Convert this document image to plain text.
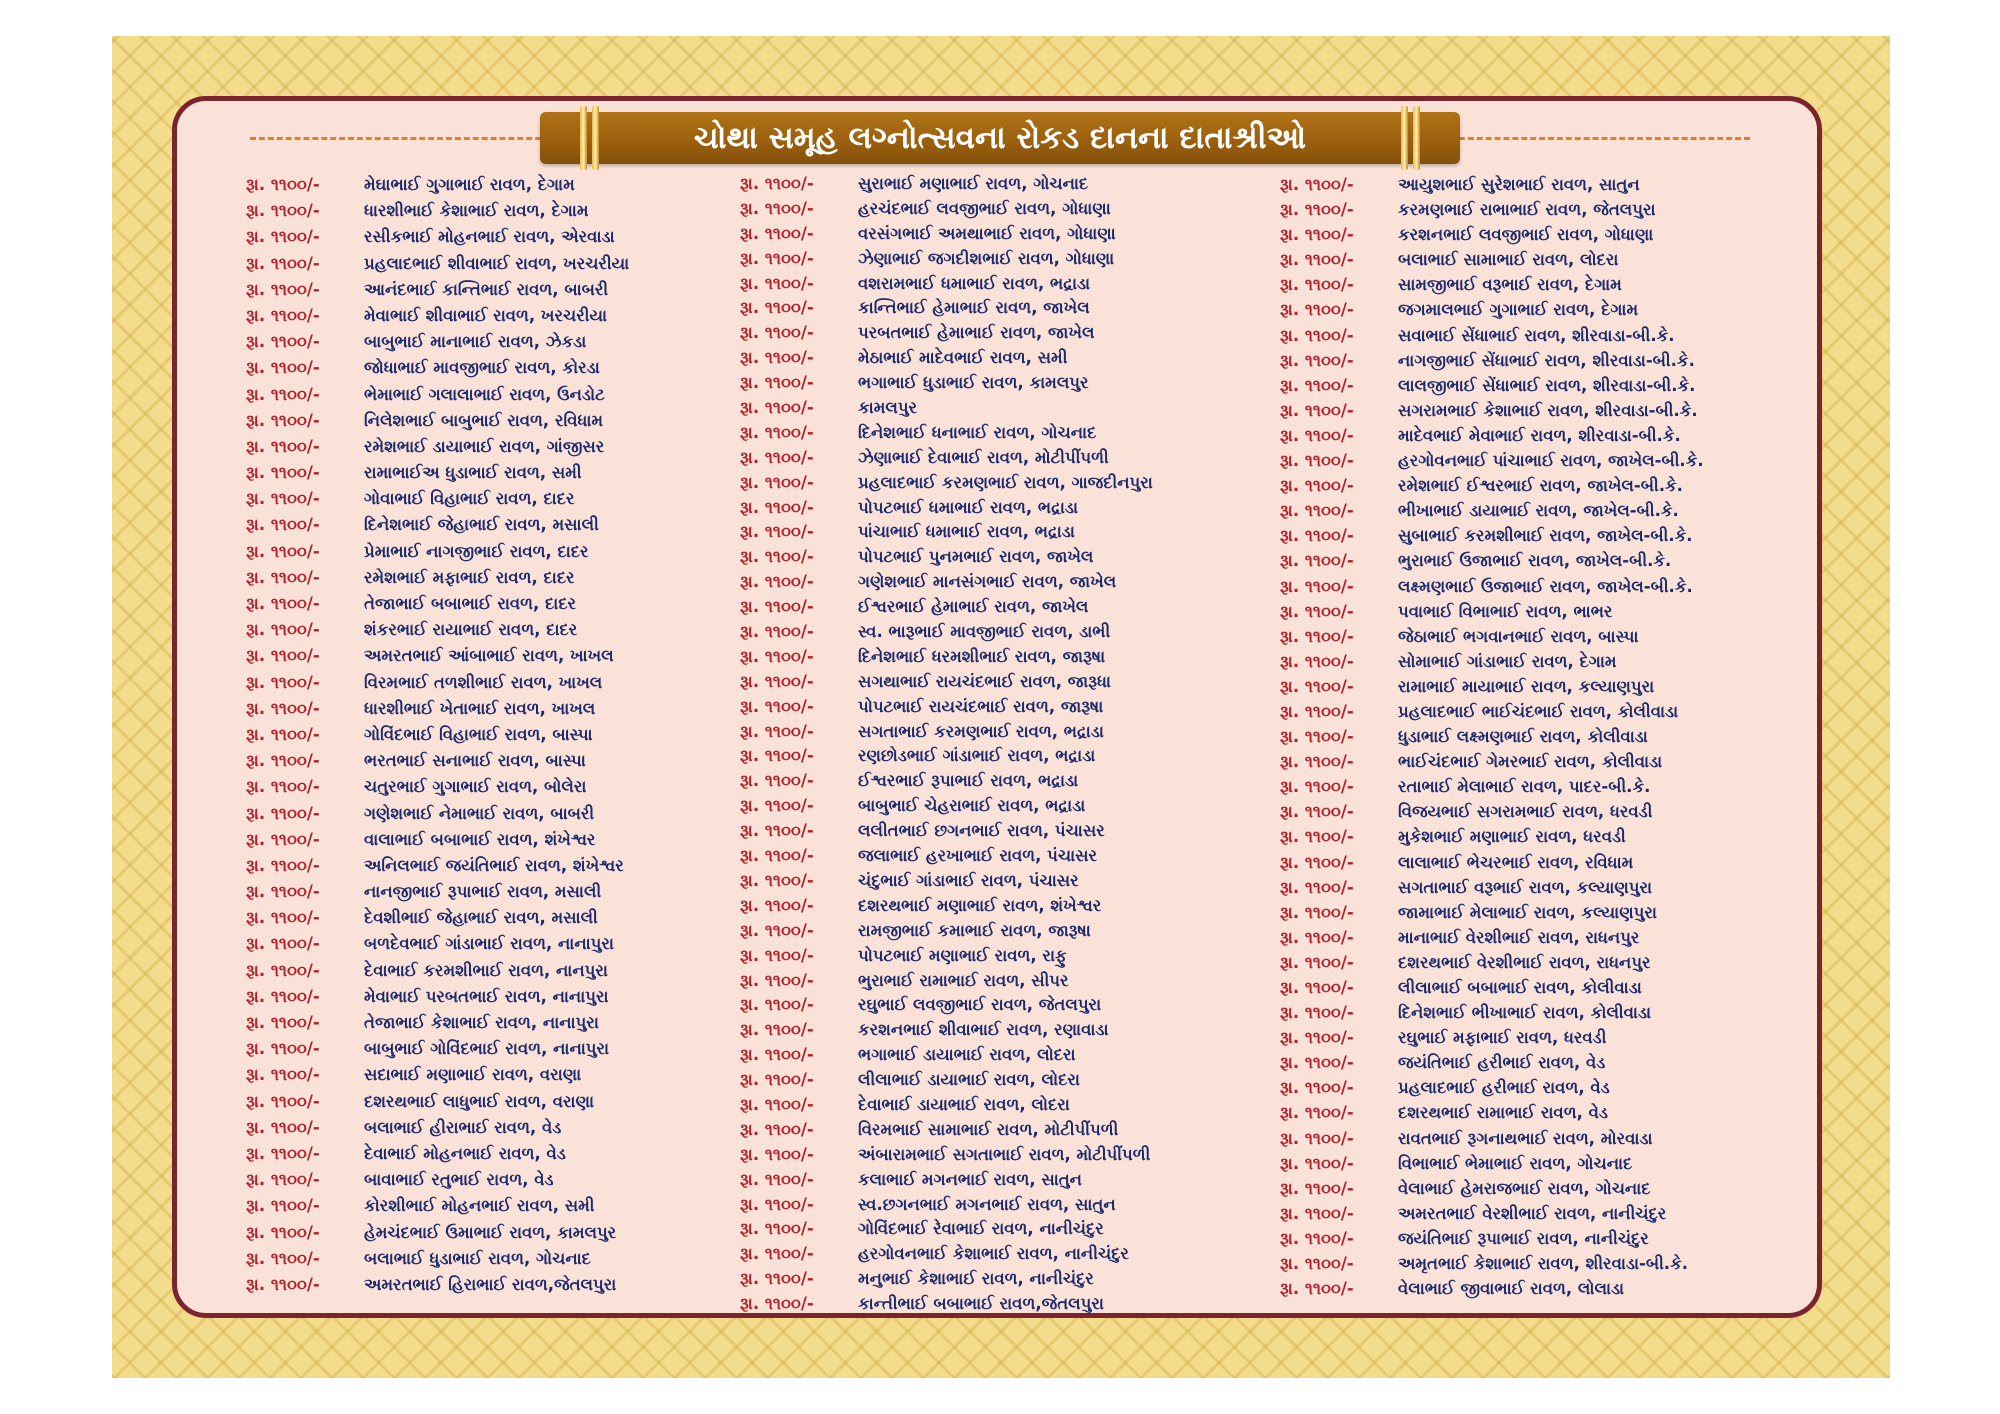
ચોથા સમૂહ લગ્નોત્સવના રોકડ દાનના દાતાશ્રીઓ
રૂા. ૧૧૦૦/-	મેઘાભાઈ ગુગાભાઈ રાવળ, દેગામ
રૂા. ૧૧૦૦/-	ધારશીભાઈ કેશાભાઈ રાવળ, દેગામ
રૂા. ૧૧૦૦/-	રસીકભાઈ મોહનભાઈ રાવળ, એરવાડા
રૂા. ૧૧૦૦/-	પ્રહલાદભાઈ શીવાભાઈ રાવળ, ખરચરીયા
રૂા. ૧૧૦૦/-	આનંદભાઈ કાન્તિભાઈ રાવળ, બાબરી
રૂા. ૧૧૦૦/-	મેવાભાઈ શીવાભાઈ રાવળ, ખરચરીયા
રૂા. ૧૧૦૦/-	બાબુભાઈ માનાભાઈ રાવળ, ઝેકડા
રૂા. ૧૧૦૦/-	જોધાભાઈ માવજીભાઈ રાવળ, કોરડા
રૂા. ૧૧૦૦/-	ભેમાભાઈ ગલાલાભાઈ રાવળ, ઉનડોટ
રૂા. ૧૧૦૦/-	નિલેશભાઈ બાબુભાઈ રાવળ, રવિધામ
રૂા. ૧૧૦૦/-	રમેશભાઈ ડાયાભાઈ રાવળ, ગાંજીસર
રૂા. ૧૧૦૦/-	રામાભાઈઅ ધુડાભાઈ રાવળ, સમી
રૂા. ૧૧૦૦/-	ગોવાભાઈ વિહાભાઈ રાવળ, દાદર
રૂા. ૧૧૦૦/-	દિનેશભાઈ જેહાભાઈ રાવળ, મસાલી
રૂા. ૧૧૦૦/-	પ્રેમાભાઈ નાગજીભાઈ રાવળ, દાદર
રૂા. ૧૧૦૦/-	રમેશભાઈ મફાભાઈ રાવળ, દાદર
રૂા. ૧૧૦૦/-	તેજાભાઈ બબાભાઈ રાવળ, દાદર
રૂા. ૧૧૦૦/-	શંકરભાઈ રાયાભાઈ રાવળ, દાદર
રૂા. ૧૧૦૦/-	અમરતભાઈ આંબાભાઈ રાવળ, ખાખલ
રૂા. ૧૧૦૦/-	વિરમભાઈ તળશીભાઈ રાવળ, ખાખલ
રૂા. ૧૧૦૦/-	ધારશીભાઈ ખેતાભાઈ રાવળ, ખાખલ
રૂા. ૧૧૦૦/-	ગોવિંદભાઈ વિહાભાઈ રાવળ, બાસ્પા
રૂા. ૧૧૦૦/-	ભરતભાઈ સનાભાઈ રાવળ, બાસ્પા
રૂા. ૧૧૦૦/-	ચતુરભાઈ ગુગાભાઈ રાવળ, બોલેરા
રૂા. ૧૧૦૦/-	ગણેશભાઈ નેમાભાઈ રાવળ, બાબરી
રૂા. ૧૧૦૦/-	વાલાભાઈ બબાભાઈ રાવળ, શંખેશ્વર
રૂા. ૧૧૦૦/-	અનિલભાઈ જયંતિભાઈ રાવળ, શંખેશ્વર
રૂા. ૧૧૦૦/-	નાનજીભાઈ રૂપાભાઈ રાવળ, મસાલી
રૂા. ૧૧૦૦/-	દેવશીભાઈ જેહાભાઈ રાવળ, મસાલી
રૂા. ૧૧૦૦/-	બળદેવભાઈ ગાંડાભાઈ રાવળ, નાનાપુરા
રૂા. ૧૧૦૦/-	દેવાભાઈ કરમશીભાઈ રાવળ, નાનપુરા
રૂા. ૧૧૦૦/-	મેવાભાઈ પરબતભાઈ રાવળ, નાનાપુરા
રૂા. ૧૧૦૦/-	તેજાભાઈ કેશાભાઈ રાવળ, નાનાપુરા
રૂા. ૧૧૦૦/-	બાબુભાઈ ગોવિંદભાઈ રાવળ, નાનાપુરા
રૂા. ૧૧૦૦/-	સદાભાઈ મણાભાઈ રાવળ, વરાણા
રૂા. ૧૧૦૦/-	દશરથભાઈ લાધુભાઈ રાવળ, વરાણા
રૂા. ૧૧૦૦/-	બલાભાઈ હીરાભાઈ રાવળ, વેડ
રૂા. ૧૧૦૦/-	દેવાભાઈ મોહનભાઈ રાવળ, વેડ
રૂા. ૧૧૦૦/-	બાવાભાઈ રતુભાઈ રાવળ, વેડ
રૂા. ૧૧૦૦/-	કોરશીભાઈ મોહનભાઈ રાવળ, સમી
રૂા. ૧૧૦૦/-	હેમચંદભાઈ ઉમાભાઈ રાવળ, કામલપુર
રૂા. ૧૧૦૦/-	બલાભાઈ ધુડાભાઈ રાવળ, ગોચનાદ
રૂા. ૧૧૦૦/-	અમરતભાઈ હિરાભાઈ રાવળ,જેતલપુરા
રૂા. ૧૧૦૦/-	સુરાભાઈ મણાભાઈ રાવળ, ગોચનાદ
રૂા. ૧૧૦૦/-	હરચંદભાઈ લવજીભાઈ રાવળ, ગોધાણા
રૂા. ૧૧૦૦/-	વરસંગભાઈ અમથાભાઈ રાવળ, ગોધાણા
રૂા. ૧૧૦૦/-	ઝેણાભાઈ જગદીશભાઈ રાવળ, ગોધાણા
રૂા. ૧૧૦૦/-	વશરામભાઈ ધમાભાઈ રાવળ, ભદ્રાડા
રૂા. ૧૧૦૦/-	કાન્તિભાઈ હેમાભાઈ રાવળ, જાખેલ
રૂા. ૧૧૦૦/-	પરબતભાઈ હેમાભાઈ રાવળ, જાખેલ
રૂા. ૧૧૦૦/-	મેઠાભાઈ માદેવભાઈ રાવળ, સમી
રૂા. ૧૧૦૦/-	ભગાભાઈ ધુડાભાઈ રાવળ, કામલપુર
રૂા. ૧૧૦૦/-	કામલપુર
રૂા. ૧૧૦૦/-	દિનેશભાઈ ધનાભાઈ રાવળ, ગોચનાદ
રૂા. ૧૧૦૦/-	ઝેણાભાઈ દેવાભાઈ રાવળ, મોટીપીંપળી
રૂા. ૧૧૦૦/-	પ્રહલાદભાઈ કરમણભાઈ રાવળ, ગાજદીનપુરા
રૂા. ૧૧૦૦/-	પોપટભાઈ ધમાભાઈ રાવળ, ભદ્રાડા
રૂા. ૧૧૦૦/-	પાંચાભાઈ ધમાભાઈ રાવળ, ભદ્રાડા
રૂા. ૧૧૦૦/-	પોપટભાઈ પુનમભાઈ રાવળ, જાખેલ
રૂા. ૧૧૦૦/-	ગણેશભાઈ માનસંગભાઈ રાવળ, જાખેલ
રૂા. ૧૧૦૦/-	ઈશ્વરભાઈ હેમાભાઈ રાવળ, જાખેલ
રૂા. ૧૧૦૦/-	સ્વ. ભારૂભાઈ માવજીભાઈ રાવળ, ડાભી
રૂા. ૧૧૦૦/-	દિનેશભાઈ ધરમશીભાઈ રાવળ, જારૂષા
રૂા. ૧૧૦૦/-	સગથાભાઈ રાયચંદભાઈ રાવળ, જારૂધા
રૂા. ૧૧૦૦/-	પોપટભાઈ રાયચંદભાઈ રાવળ, જારૂષા
રૂા. ૧૧૦૦/-	સગતાભાઈ કરમણભાઈ રાવળ, ભદ્રાડા
રૂા. ૧૧૦૦/-	રણછોડભાઈ ગાંડાભાઈ રાવળ, ભદ્રાડા
રૂા. ૧૧૦૦/-	ઈશ્વરભાઈ રૂપાભાઈ રાવળ, ભદ્રાડા
રૂા. ૧૧૦૦/-	બાબુભાઈ ચેહરાભાઈ રાવળ, ભદ્રાડા
રૂા. ૧૧૦૦/-	લલીતભાઈ છગનભાઈ રાવળ, પંચાસર
રૂા. ૧૧૦૦/-	જલાભાઈ હરખાભાઈ રાવળ, પંચાસર
રૂા. ૧૧૦૦/-	ચંદુભાઈ ગાંડાભાઈ રાવળ, પંચાસર
રૂા. ૧૧૦૦/-	દશરથભાઈ મણાભાઈ રાવળ, શંખેશ્વર
રૂા. ૧૧૦૦/-	રામજીભાઈ કમાભાઈ રાવળ, જારૂષા
રૂા. ૧૧૦૦/-	પોપટભાઈ મણાભાઈ રાવળ, રાફુ
રૂા. ૧૧૦૦/-	ભુરાભાઈ રામાભાઈ રાવળ, સીપર
રૂા. ૧૧૦૦/-	રઘુભાઈ લવજીભાઈ રાવળ, જેતલપુરા
રૂા. ૧૧૦૦/-	કરશનભાઈ શીવાભાઈ રાવળ, રણાવાડા
રૂા. ૧૧૦૦/-	ભગાભાઈ ડાયાભાઈ રાવળ, લોદરા
રૂા. ૧૧૦૦/-	લીલાભાઈ ડાયાભાઈ રાવળ, લોદરા
રૂા. ૧૧૦૦/-	દેવાભાઈ ડાયાભાઈ રાવળ, લોદરા
રૂા. ૧૧૦૦/-	વિરમભાઈ સામાભાઈ રાવળ, મોટીપીંપળી
રૂા. ૧૧૦૦/-	અંબારામભાઈ સગતાભાઈ રાવળ, મોટીપીંપળી
રૂા. ૧૧૦૦/-	કલાભાઈ મગનભાઈ રાવળ, સાતુન
રૂા. ૧૧૦૦/-	સ્વ.છગનભાઈ મગનભાઈ રાવળ, સાતુન
રૂા. ૧૧૦૦/-	ગોવિંદભાઈ રેવાભાઈ રાવળ, નાનીચંદુર
રૂા. ૧૧૦૦/-	હરગોવનભાઈ કેશાભાઈ રાવળ, નાનીચંદુર
રૂા. ૧૧૦૦/-	મનુભાઈ કેશાભાઈ રાવળ, નાનીચંદુર
રૂા. ૧૧૦૦/-	કાન્તીભાઈ બબાભાઈ રાવળ,જેતલપુરા
રૂા. ૧૧૦૦/-	આયુશભાઈ સુરેશભાઈ રાવળ, સાતુન
રૂા. ૧૧૦૦/-	કરમણભાઈ રાભાભાઈ રાવળ, જેતલપુરા
રૂા. ૧૧૦૦/-	કરશનભાઈ લવજીભાઈ રાવળ, ગોધાણા
રૂા. ૧૧૦૦/-	બલાભાઈ સામાભાઈ રાવળ, લોદરા
રૂા. ૧૧૦૦/-	સામજીભાઈ વરૂભાઈ રાવળ, દેગામ
રૂા. ૧૧૦૦/-	જગમાલભાઈ ગુગાભાઈ રાવળ, દેગામ
રૂા. ૧૧૦૦/-	સવાભાઈ સેંધાભાઈ રાવળ, શીરવાડા-બી.કે.
રૂા. ૧૧૦૦/-	નાગજીભાઈ સેંધાભાઈ રાવળ, શીરવાડા-બી.કે.
રૂા. ૧૧૦૦/-	લાલજીભાઈ સેંધાભાઈ રાવળ, શીરવાડા-બી.કે.
રૂા. ૧૧૦૦/-	સગરામભાઈ કેશાભાઈ રાવળ, શીરવાડા-બી.કે.
રૂા. ૧૧૦૦/-	માદેવભાઈ મેવાભાઈ રાવળ, શીરવાડા-બી.કે.
રૂા. ૧૧૦૦/-	હરગોવનભાઈ પાંચાભાઈ રાવળ, જાખેલ-બી.કે.
રૂા. ૧૧૦૦/-	રમેશભાઈ ઈશ્વરભાઈ રાવળ, જાખેલ-બી.કે.
રૂા. ૧૧૦૦/-	ભીખાભાઈ ડાયાભાઈ રાવળ, જાખેલ-બી.કે.
રૂા. ૧૧૦૦/-	સુબાભાઈ કરમશીભાઈ રાવળ, જાખેલ-બી.કે.
રૂા. ૧૧૦૦/-	ભુરાભાઈ ઉજાભાઈ રાવળ, જાખેલ-બી.કે.
રૂા. ૧૧૦૦/-	લક્ષ્મણભાઈ ઉજાભાઈ રાવળ, જાખેલ-બી.કે.
રૂા. ૧૧૦૦/-	પવાભાઈ વિભાભાઈ રાવળ, ભાભર
રૂા. ૧૧૦૦/-	જેઠાભાઈ ભગવાનભાઈ રાવળ, બાસ્પા
રૂા. ૧૧૦૦/-	સોમાભાઈ ગાંડાભાઈ રાવળ, દેગામ
રૂા. ૧૧૦૦/-	રામાભાઈ માયાભાઈ રાવળ, કલ્યાણપુરા
રૂા. ૧૧૦૦/-	પ્રહલાદભાઈ ભાઈચંદભાઈ રાવળ, કોલીવાડા
રૂા. ૧૧૦૦/-	ધુડાભાઈ લક્ષ્મણભાઈ રાવળ, કોલીવાડા
રૂા. ૧૧૦૦/-	ભાઈચંદભાઈ ગેમરભાઈ રાવળ, કોલીવાડા
રૂા. ૧૧૦૦/-	રતાભાઈ મેલાભાઈ રાવળ, પાદર-બી.કે.
રૂા. ૧૧૦૦/-	વિજયભાઈ સગરામભાઈ રાવળ, ધરવડી
રૂા. ૧૧૦૦/-	મુકેશભાઈ મણાભાઈ રાવળ, ધરવડી
રૂા. ૧૧૦૦/-	લાલાભાઈ ભેચરભાઈ રાવળ, રવિધામ
રૂા. ૧૧૦૦/-	સગતાભાઈ વરૂભાઈ રાવળ, કલ્યાણપુરા
રૂા. ૧૧૦૦/-	જામાભાઈ મેલાભાઈ રાવળ, કલ્યાણપુરા
રૂા. ૧૧૦૦/-	માનાભાઈ વેરશીભાઈ રાવળ, રાધનપુર
રૂા. ૧૧૦૦/-	દશરથભાઈ વેરશીભાઈ રાવળ, રાધનપુર
રૂા. ૧૧૦૦/-	લીલાભાઈ બબાભાઈ રાવળ, કોલીવાડા
રૂા. ૧૧૦૦/-	દિનેશભાઈ ભીખાભાઈ રાવળ, કોલીવાડા
રૂા. ૧૧૦૦/-	રઘુભાઈ મફાભાઈ રાવળ, ધરવડી
રૂા. ૧૧૦૦/-	જયંતિભાઈ હરીભાઈ રાવળ, વેડ
રૂા. ૧૧૦૦/-	પ્રહલાદભાઈ હરીભાઈ રાવળ, વેડ
રૂા. ૧૧૦૦/-	દશરથભાઈ રામાભાઈ રાવળ, વેડ
રૂા. ૧૧૦૦/-	રાવતભાઈ રૂગનાથભાઈ રાવળ, મોરવાડા
રૂા. ૧૧૦૦/-	વિભાભાઈ ભેમાભાઈ રાવળ, ગોચનાદ
રૂા. ૧૧૦૦/-	વેલાભાઈ હેમરાજભાઈ રાવળ, ગોચનાદ
રૂા. ૧૧૦૦/-	અમરતભાઈ વેરશીભાઈ રાવળ, નાનીચંદુર
રૂા. ૧૧૦૦/-	જયંતિભાઈ રૂપાભાઈ રાવળ, નાનીચંદુર
રૂા. ૧૧૦૦/-	અમૃતભાઈ કેશાભાઈ રાવળ, શીરવાડા-બી.કે.
રૂા. ૧૧૦૦/-	વેલાભાઈ જીવાભાઈ રાવળ, લોલાડા
